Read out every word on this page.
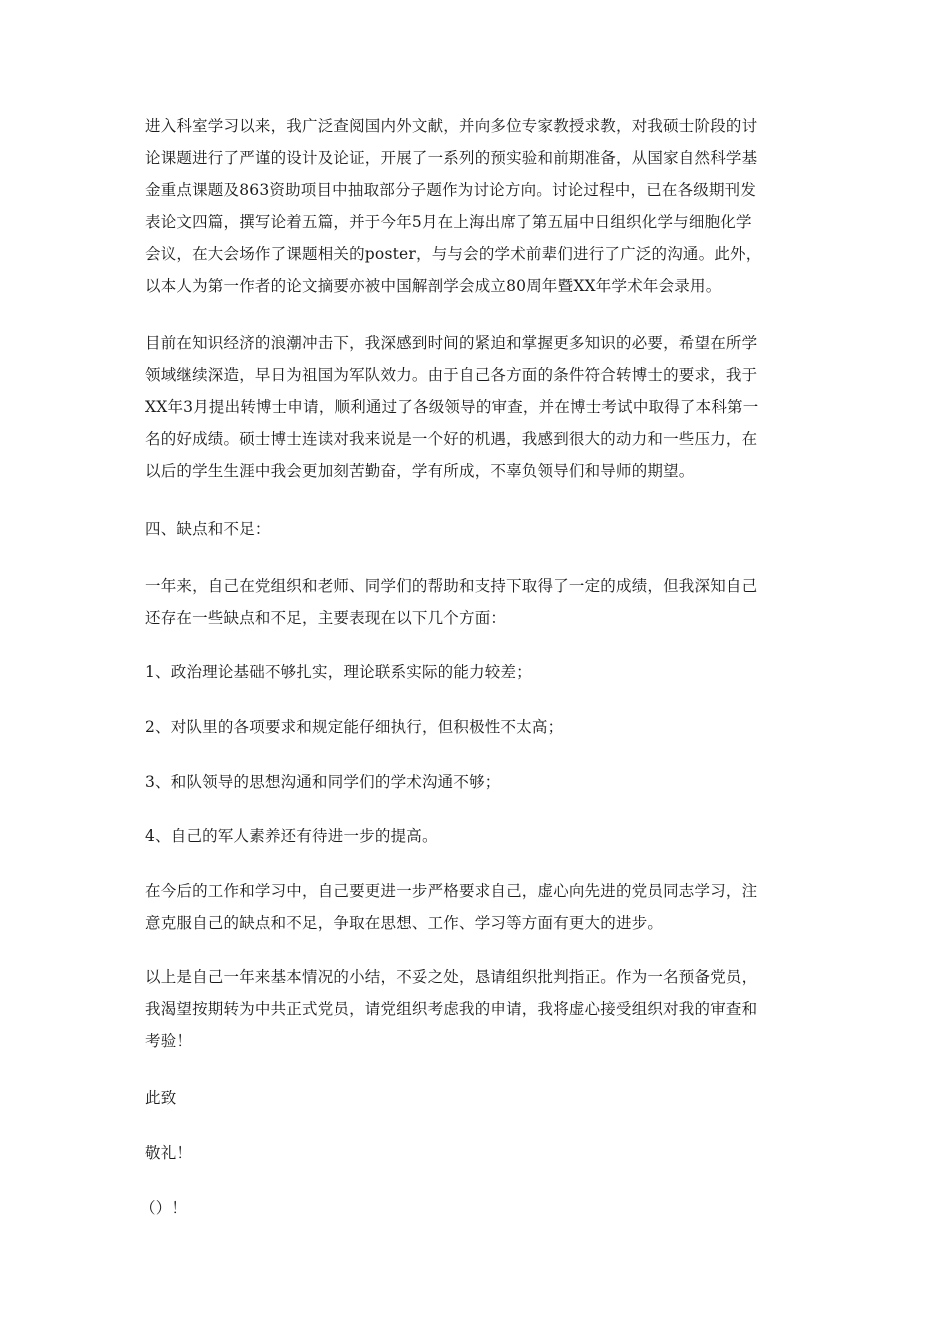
进入科室学习以来，我广泛查阅国内外文献，并向多位专家教授求教，对我硕士阶段的讨
论课题进行了严谨的设计及论证，开展了一系列的预实验和前期准备，从国家自然科学基
金重点课题及863资助项目中抽取部分子题作为讨论方向。讨论过程中，已在各级期刊发
表论文四篇，撰写论着五篇，并于今年5月在上海出席了第五届中日组织化学与细胞化学
会议，在大会场作了课题相关的poster，与与会的学术前辈们进行了广泛的沟通。此外，
以本人为第一作者的论文摘要亦被中国解剖学会成立80周年暨XX年学术年会录用。
目前在知识经济的浪潮冲击下，我深感到时间的紧迫和掌握更多知识的必要，希望在所学
领域继续深造，早日为祖国为军队效力。由于自己各方面的条件符合转博士的要求，我于
XX年3月提出转博士申请，顺利通过了各级领导的审查，并在博士考试中取得了本科第一
名的好成绩。硕士博士连读对我来说是一个好的机遇，我感到很大的动力和一些压力，在
以后的学生生涯中我会更加刻苦勤奋，学有所成，不辜负领导们和导师的期望。
四、缺点和不足：
一年来，自己在党组织和老师、同学们的帮助和支持下取得了一定的成绩，但我深知自己
还存在一些缺点和不足，主要表现在以下几个方面：
1、政治理论基础不够扎实，理论联系实际的能力较差；
2、对队里的各项要求和规定能仔细执行，但积极性不太高；
3、和队领导的思想沟通和同学们的学术沟通不够；
4、自己的军人素养还有待进一步的提高。
在今后的工作和学习中，自己要更进一步严格要求自己，虚心向先进的党员同志学习，注
意克服自己的缺点和不足，争取在思想、工作、学习等方面有更大的进步。
以上是自己一年来基本情况的小结，不妥之处，恳请组织批判指正。作为一名预备党员，
我渴望按期转为中共正式党员，请党组织考虑我的申请，我将虚心接受组织对我的审查和
考验！
此致
敬礼！
（）！
